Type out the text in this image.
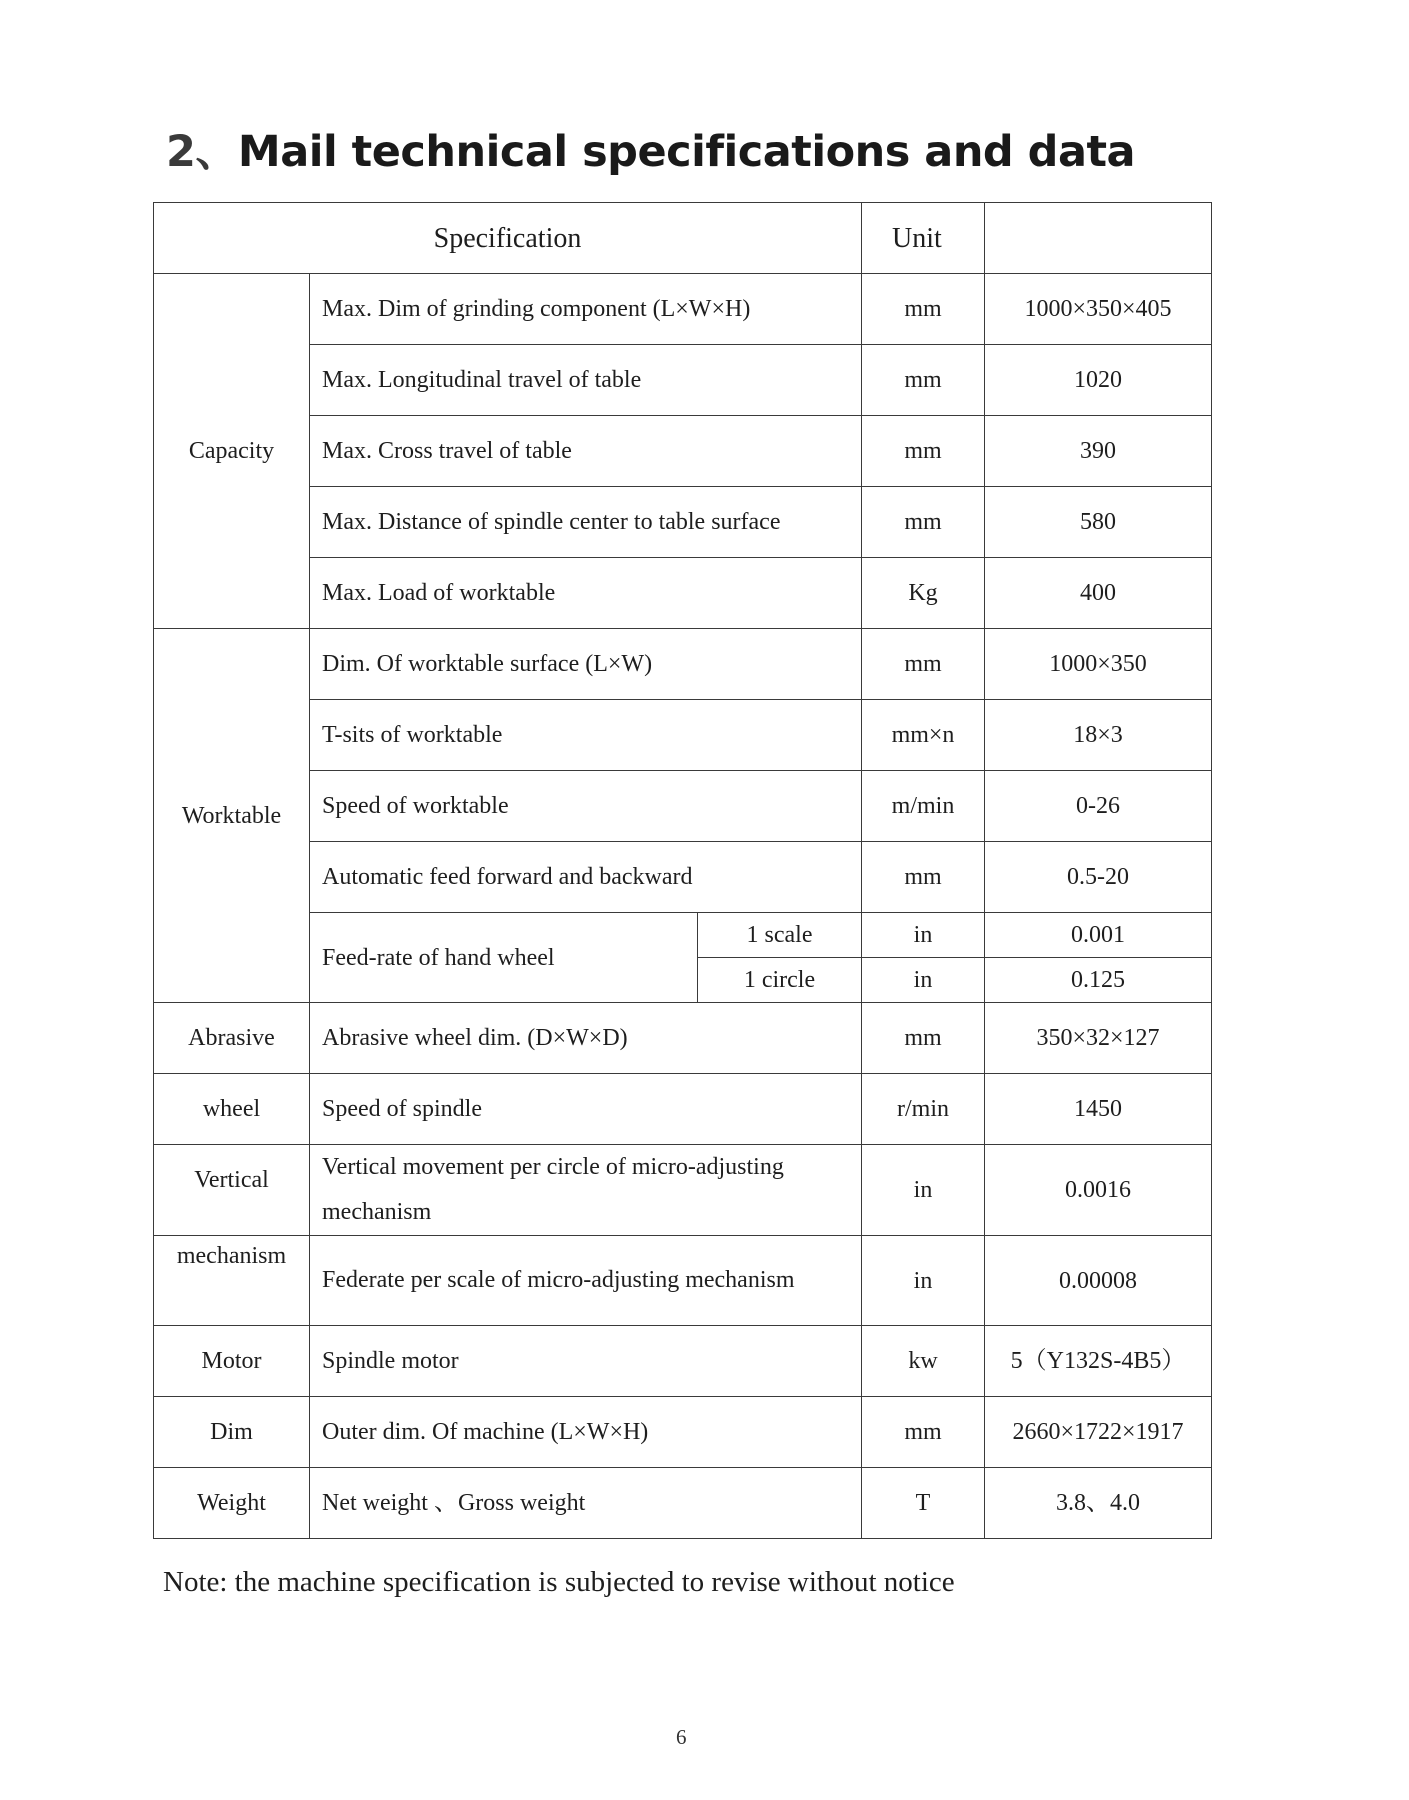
2、Mail technical specifications and data
Specification			Unit	
Capacity	Max. Dim of grinding component (L×W×H)		mm	1000×350×405
	Max. Longitudinal travel of table		mm	1020
	Max. Cross travel of table		mm	390
	Max. Distance of spindle center to table surface		mm	580
	Max. Load of worktable		Kg	400
Worktable	Dim. Of worktable surface (L×W)		mm	1000×350
	T-sits of worktable		mm×n	18×3
	Speed of worktable		m/min	0-26
	Automatic feed forward and backward		mm	0.5-20
	Feed-rate of hand wheel	1 scale	in	0.001
		1 circle	in	0.125
Abrasive	Abrasive wheel dim. (D×W×D)		mm	350×32×127
wheel	Speed of spindle		r/min	1450
Vertical	Vertical movement per circle of micro-adjusting mechanism		in	0.0016
mechanism	Federate per scale of micro-adjusting mechanism		in	0.00008
Motor	Spindle motor		kw	5（Y132S-4B5）
Dim	Outer dim. Of machine (L×W×H)		mm	2660×1722×1917
Weight	Net weight 、Gross weight		T	3.8、4.0

Note: the machine specification is subjected to revise without notice

6
